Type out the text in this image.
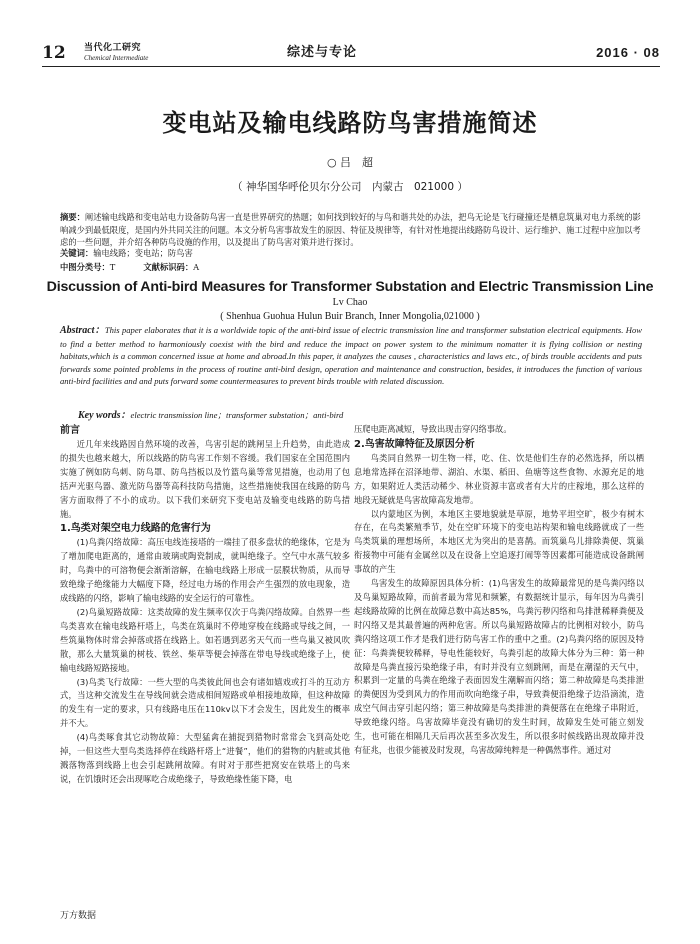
12 当代化工研究
Chemical Intermediate	综述与专论	2016 · 08
变电站及输电线路防鸟害措施简述
○ 吕　超
（ 神华国华呼伦贝尔分公司　内蒙古　021000 ）
摘要：阐述输电线路和变电站电力设备防鸟害一直是世界研究的热题；如何找到较好的与鸟和谐共处的办法，把鸟无论是飞行碰撞还是栖息筑巢对电力系统的影响减少到最低限度，是国内外共同关注的问题。本文分析鸟害事故发生的原因、特征及规律等，有针对性地提出线路防鸟设计、运行维护、施工过程中应加以考虑的一些问题，并介绍各种防鸟设施的作用，以及提出了防鸟害对策并进行探讨。
关键词：输电线路；变电站；防鸟害
中图分类号：T	文献标识码：A
Discussion of Anti-bird Measures for Transformer Substation and Electric Transmission Line
Lv Chao
( Shenhua Guohua Hulun Buir Branch, Inner Mongolia,021000 )
Abstract：This paper elaborates that it is a worldwide topic of the anti-bird issue of electric transmission line and transformer substation electrical equipments. How to find a better method to harmoniously coexist with the bird and reduce the impact on power system to the minimum nomatter it is flying collision or nesting habitats,which is a common concerned issue at home and abroad.In this paper, it analyzes the causes , characteristics and laws etc., of birds trouble accidents and puts forwards some pointed problems in the process of routine anti-bird design, operation and maintenance and construction, besides, it introduces the function of various anti-bird facilities and and puts forward some countermeasures to prevent birds trouble with related discussion.
Key words：electric transmission line；transformer substation；anti-bird
前言

近几年来线路因自然环境的改善，鸟害引起的跳闸呈上升趋势，由此造成的损失也越来越大，所以线路的防鸟害工作刻不容缓。我们国家在全国范围内实施了例如防鸟刺、防鸟罩、防鸟挡板以及竹篮鸟巢等常见措施，也动用了包括声光驱鸟器、激光防鸟器等高科技防鸟措施，这些措施使我国在线路的防鸟害方面取得了不小的成功。以下我们来研究下变电站及输变电线路的防鸟措施。

1.鸟类对架空电力线路的危害行为

(1)鸟粪闪络故障：高压电线连接塔的一端挂了很多盘状的绝缘体，它是为了增加爬电距离的，通常由玻璃或陶瓷制成，就叫绝缘子。空气中水蒸气较多时，鸟粪中的可溶物便会渐渐溶解，在输电线路上形成一层膜状物质，从而导致绝缘子绝缘能力大幅度下降，经过电力场的作用会产生强烈的放电现象，造成线路的闪络，影响了输电线路的安全运行的可靠性。

(2)鸟巢短路故障：这类故障的发生频率仅次于鸟粪闪络故障。自然界一些鸟类喜欢在输电线路杆塔上，鸟类在筑巢时不停地穿梭在线路或导线之间，一些筑巢物体时常会掉落或搭在线路上。如若遇到恶劣天气而一些鸟巢又被风吹散，那么大量筑巢的树枝、铁丝、柴草等便会掉落在带电导线或绝缘子上，使输电线路短路接地。

(3)鸟类飞行故障：一些大型的鸟类彼此间也会有诸如嬉戏或打斗的互动方式，当这种交流发生在导线间就会造成相间短路或单相接地故障，但这种故障的发生有一定的要求，只有线路电压在110kv以下才会发生，因此发生的概率并不大。

(4)鸟类啄食其它动物故障：大型猛禽在捕捉到猎物时常常会飞到高处吃掉，一但这些大型鸟类选择停在线路杆塔上“进餐”，他们的猎物的内脏或其他溅落物落到线路上也会引起跳闸故障。有时对于那些把窝安在铁塔上的鸟来说，在饥饿时还会出现啄吃合成绝缘子，导致绝缘性能下降，电

压爬电距离减短，导致出现击穿闪络事故。

2.鸟害故障特征及原因分析

鸟类同自然界一切生物一样，吃、住、饮是他们生存的必然选择，所以栖息地常选择在沼泽地带、湖泊、水渠、稻田、鱼塘等这些食物、水源充足的地方，如果附近人类活动稀少、林业资源丰富或者有大片的庄稼地，那么这样的地段无疑就是鸟害故障高发地带。

以内蒙地区为例，本地区主要地貌就是草原，地势平坦空旷，极少有树木存在，在鸟类繁殖季节，处在空旷环境下的变电站构架和输电线路就成了一些鸟类筑巢的理想场所，本地区尤为突出的是喜鹊。而筑巢鸟儿排除粪便、筑巢衔接物中可能有金属丝以及在设备上空追逐打闹等等因素都可能造成设备跳闸事故的产生

鸟害发生的故障原因具体分析：(1)鸟害发生的故障最常见的是鸟粪闪络以及鸟巢短路故障，而前者最为常见和频繁，有数据统计显示，每年因为鸟粪引起线路故障的比例在故障总数中高达85%，鸟粪污秽闪络和鸟排泄稀释粪便及时闪络又是其最普遍的两种危害。所以鸟巢短路故障占的比例相对较小，防鸟粪闪络这项工作才是我们进行防鸟害工作的重中之重。(2)鸟粪闪络的原因及特征：鸟粪粪便较稀释，导电性能较好，鸟粪引起的故障大体分为三种：第一种故障是鸟粪直接污染绝缘子串，有时并没有立刻跳闸，而是在潮湿的天气中，积累到一定量的鸟粪在绝缘子表面因发生潮解而闪络；第二种故障是鸟类排泄的粪便因为受到风力的作用而吹向绝缘子串，导致粪便沿绝缘子边沿滴流，造成空气间击穿引起闪络；第三种故障是鸟类排泄的粪便落在在绝缘子串附近，导致绝缘闪络。鸟害故障毕竟没有确切的发生时间，故障发生处可能立刻发生，也可能在相隔几天后再次甚至多次发生，所以很多时候线路出现故障并没有征兆，也很少能被及时发现，鸟害故障纯粹是一种偶然事件。通过对

万方数据
